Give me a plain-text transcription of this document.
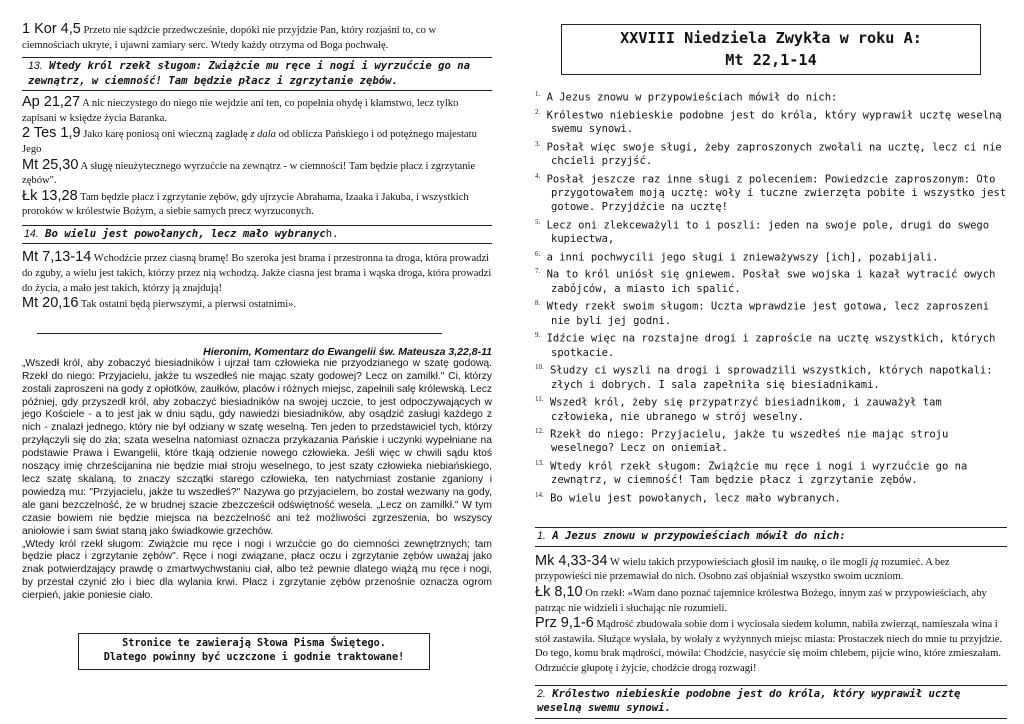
1 Kor 4,5 Przeto nie sądźcie przedwcześnie, dopóki nie przyjdzie Pan, który rozjaśni to, co w ciemnościach ukryte, i ujawni zamiary serc. Wtedy każdy otrzyma od Boga pochwałę.

13. Wtedy król rzekł sługom: Zwiążcie mu ręce i nogi i wyrzućcie go na zewnątrz, w ciemność! Tam będzie płacz i zgrzytanie zębów.

Ap 21,27 A nic nieczystego do niego nie wejdzie ani ten, co popełnia ohydę i kłamstwo, lecz tylko zapisani w księdze życia Baranka.

2 Tes 1,9 Jako karę poniosą oni wieczną zagładę z dala od oblicza Pańskiego i od potężnego majestatu Jego

Mt 25,30 A sługę nieużytecznego wyrzućcie na zewnątrz - w ciemności! Tam będzie płacz i zgrzytanie zębów".

Łk 13,28 Tam będzie płacz i zgrzytanie zębów, gdy ujrzycie Abrahama, Izaaka i Jakuba, i wszystkich proroków w królestwie Bożym, a siebie samych precz wyrzuconych.

14. Bo wielu jest powołanych, lecz mało wybranych.

Mt 7,13-14 Wchodźcie przez ciasną bramę! Bo szeroka jest brama i przestronna ta droga, która prowadzi do zguby, a wielu jest takich, którzy przez nią wchodzą. Jakże ciasna jest brama i wąska droga, która prowadzi do życia, a mało jest takich, którzy ją znajdują!

Mt 20,16 Tak ostatni będą pierwszymi, a pierwsi ostatnimi».

Hieronim, Komentarz do Ewangelii św. Mateusza 3,22,8-11

„Wszedł król, aby zobaczyć biesiadników i ujrzał tam człowieka nie przyodzianego w szatę godową. Rzekł do niego: Przyjacielu, jakże tu wszedłeś nie mając szaty godowej? Lecz on zamilkł." Ci, którzy zostali zaproszeni na gody z opłotków, zaułków, placów i różnych miejsc, zapełnili salę królewską. Lecz później, gdy przyszedł król, aby zobaczyć biesiadników na swojej uczcie, to jest odpoczywających w jego Kościele - a to jest jak w dniu sądu, gdy nawiedzi biesiadników, aby osądzić zasługi każdego z nich - znalazł jednego, który nie był odziany w szatę weselną. Ten jeden to przedstawiciel tych, którzy przyłączyli się do zła; szata weselna natomiast oznacza przykazania Pańskie i uczynki wypełniane na podstawie Prawa i Ewangelii, które tkają odzienie nowego człowieka. Jeśli więc w chwili sądu ktoś noszący imię chrześcijanina nie będzie miał stroju weselnego, to jest szaty człowieka niebiańskiego, lecz szatę skalaną, to znaczy szczątki starego człowieka, ten natychmiast zostanie zganiony i powiedzą mu: "Przyjacielu, jakże tu wszedłeś?" Nazywa go przyjacielem, bo został wezwany na gody, ale gani bezczelność, że w brudnej szacie zbezcześcił odświętność wesela. „Lecz on zamilkł." W tym czasie bowiem nie będzie miejsca na bezczelność ani też możliwości zgrzeszenia, bo wszyscy aniołowie i sam świat staną jako świadkowie grzechów.

„Wtedy król rzekł sługom: Zwiążcie mu ręce i nogi i wrzućcie go do ciemności zewnętrznych; tam będzie płacz i zgrzytanie zębów". Ręce i nogi związane, płacz oczu i zgrzytanie zębów uważaj jako znak potwierdzający prawdę o zmartwychwstaniu ciał, albo też pewnie dlatego wiążą mu ręce i nogi, by przestał czynić zło i biec dla wylania krwi. Płacz i zgrzytanie zębów przenośnie oznacza ogrom cierpień, jakie poniesie ciało.

Stronice te zawierają Słowa Pisma Świętego.
Dlatego powinny być uczczone i godnie traktowane!
XXVIII Niedziela Zwykła w roku A:
Mt 22,1-14

$^{1.}$ A Jezus znowu w przypowieściach mówił do nich:

$^{2.}$ Królestwo niebieskie podobne jest do króla, który wyprawił ucztę weselną swemu synowi.

$^{3.}$ Posłał więc swoje sługi, żeby zaproszonych zwołali na ucztę, lecz ci nie chcieli przyjść.

$^{4.}$ Posłał jeszcze raz inne sługi z poleceniem: Powiedzcie zaproszonym: Oto przygotowałem moją ucztę: woły i tuczne zwierzęta pobite i wszystko jest gotowe. Przyjdźcie na ucztę!

$^{5.}$ Lecz oni zlekceważyli to i poszli: jeden na swoje pole, drugi do swego kupiectwa,

$^{6.}$ a inni pochwycili jego sługi i znieważywszy [ich], pozabijali.

$^{7.}$ Na to król uniósł się gniewem. Posłał swe wojska i kazał wytracić owych zabójców, a miasto ich spalić.

$^{8.}$ Wtedy rzekł swoim sługom: Uczta wprawdzie jest gotowa, lecz zaproszeni nie byli jej godni.

$^{9.}$ Idźcie więc na rozstajne drogi i zaproście na ucztę wszystkich, których spotkacie.

$^{10.}$ Słudzy ci wyszli na drogi i sprowadzili wszystkich, których napotkali: złych i dobrych. I sala zapełniła się biesiadnikami.

$^{11.}$ Wszedł król, żeby się przypatrzyć biesiadnikom, i zauważył tam człowieka, nie ubranego w strój weselny.

$^{12.}$ Rzekł do niego: Przyjacielu, jakże tu wszedłeś nie mając stroju weselnego? Lecz on oniemiał.

$^{13.}$ Wtedy król rzekł sługom: Zwiążcie mu ręce i nogi i wyrzućcie go na zewnątrz, w ciemność! Tam będzie płacz i zgrzytanie zębów.

$^{14.}$ Bo wielu jest powołanych, lecz mało wybranych.

1. A Jezus znowu w przypowieściach mówił do nich:

Mk 4,33-34 W wielu takich przypowieściach głosił im naukę, o ile mogli ją rozumieć. A bez przypowieści nie przemawiał do nich. Osobno zaś objaśniał wszystko swoim uczniom.

Łk 8,10 On rzekł: «Wam dano poznać tajemnice królestwa Bożego, innym zaś w przypowieściach, aby patrząc nie widzieli i słuchając nie rozumieli.

Prz 9,1-6 Mądrość zbudowała sobie dom i wyciosała siedem kolumn, nabiła zwierząt, namieszała wina i stół zastawiła. Służące wysłała, by wołały z wyżynnych miejsc miasta: Prostaczek niech do mnie tu przyjdzie. Do tego, komu brak mądrości, mówiła: Chodźcie, nasyćcie się moim chlebem, pijcie wino, które zmieszałam. Odrzućcie głupotę i żyjcie, chodźcie drogą rozwagi!

2. Królestwo niebieskie podobne jest do króla, który wyprawił ucztę weselną swemu synowi.
